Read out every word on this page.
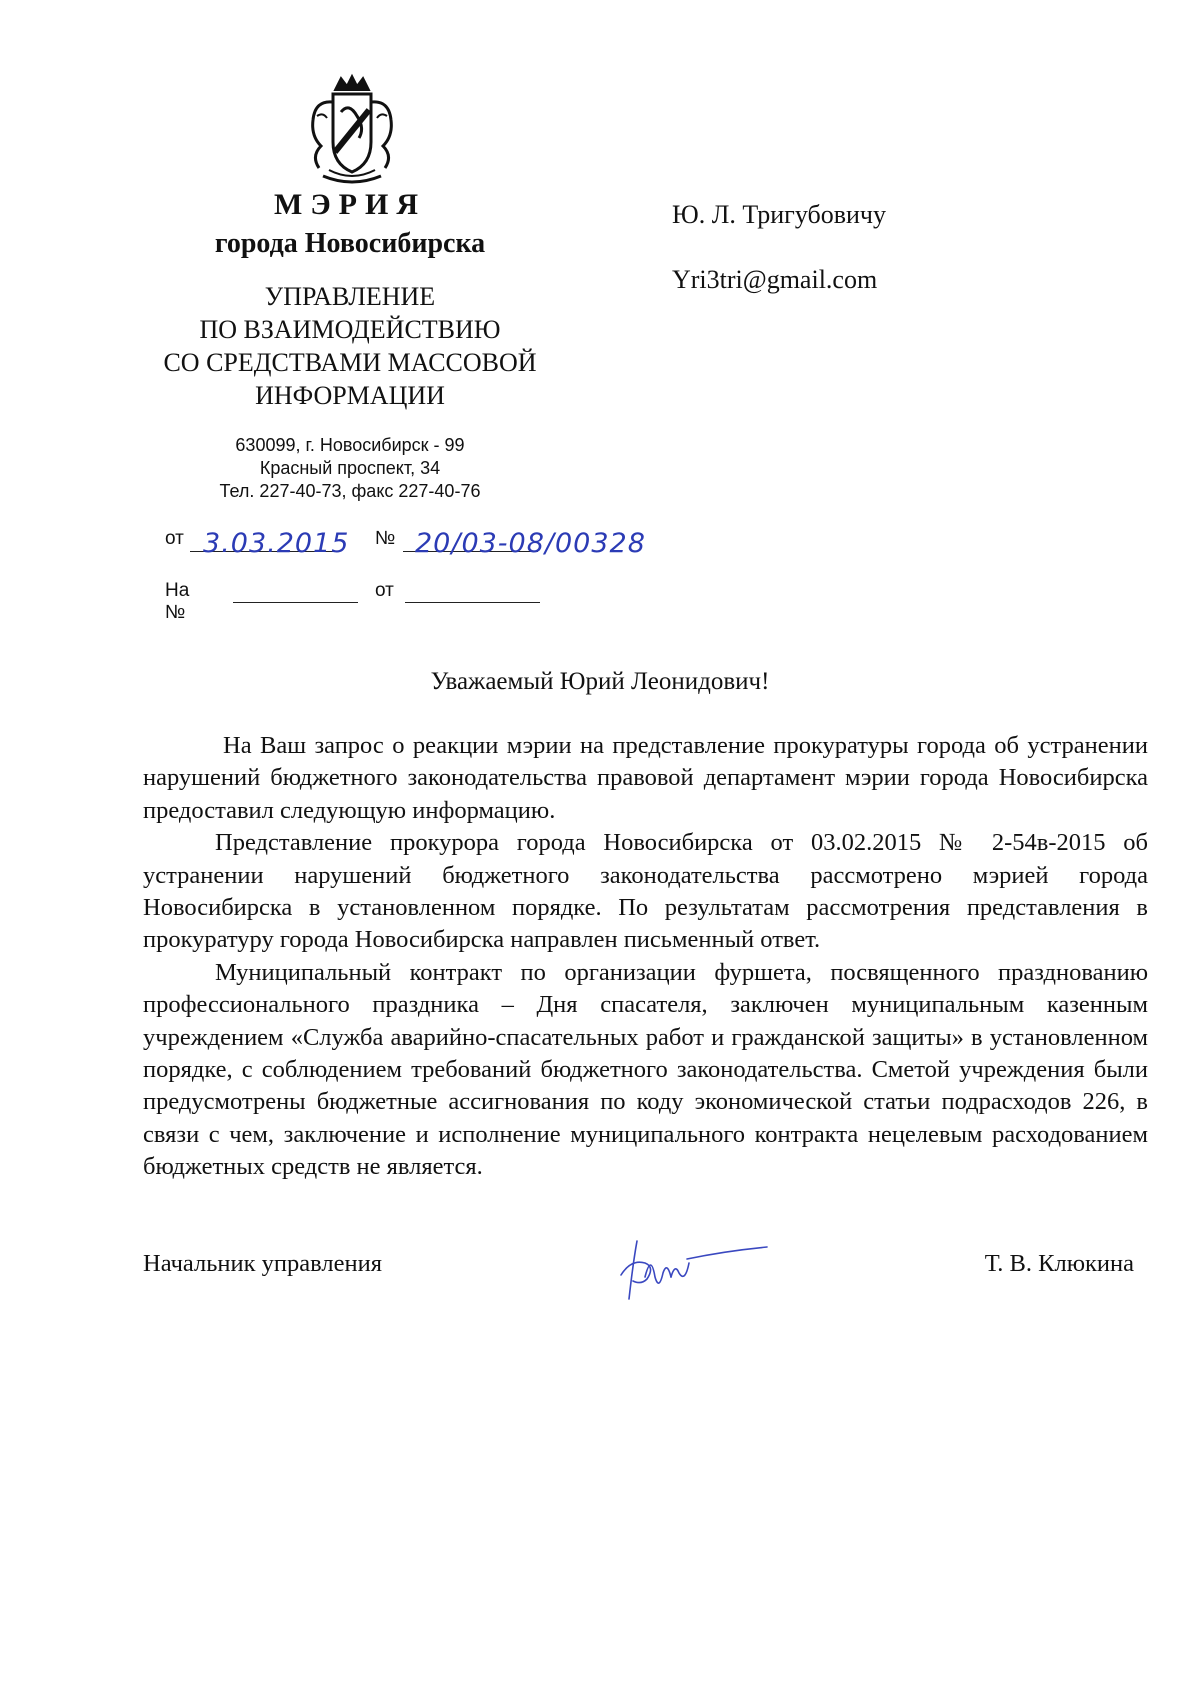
МЭРИЯ
города Новосибирска
УПРАВЛЕНИЕ
ПО ВЗАИМОДЕЙСТВИЮ
СО СРЕДСТВАМИ МАССОВОЙ
ИНФОРМАЦИИ
630099, г. Новосибирск - 99
Красный проспект, 34
Тел. 227-40-73, факс 227-40-76
Ю. Л. Тригубовичу
Yri3tri@gmail.com
от 3.03.2015 № 20/03-08/00328
На №
от
Уважаемый Юрий Леонидович!

На Ваш запрос о реакции мэрии на представление прокуратуры города об устранении нарушений бюджетного законодательства правовой департамент мэрии города Новосибирска предоставил следующую информацию.

Представление прокурора города Новосибирска от 03.02.2015 № 2-54в-2015 об устранении нарушений бюджетного законодательства рассмотрено мэрией города Новосибирска в установленном порядке. По результатам рассмотрения представления в прокуратуру города Новосибирска направлен письменный ответ.

Муниципальный контракт по организации фуршета, посвященного празднованию профессионального праздника – Дня спасателя, заключен муниципальным казенным учреждением «Служба аварийно-спасательных работ и гражданской защиты» в установленном порядке, с соблюдением требований бюджетного законодательства. Сметой учреждения были предусмотрены бюджетные ассигнования по коду экономической статьи подрасходов 226, в связи с чем, заключение и исполнение муниципального контракта нецелевым расходованием бюджетных средств не является.

Начальник управления	Т. В. Клюкина
